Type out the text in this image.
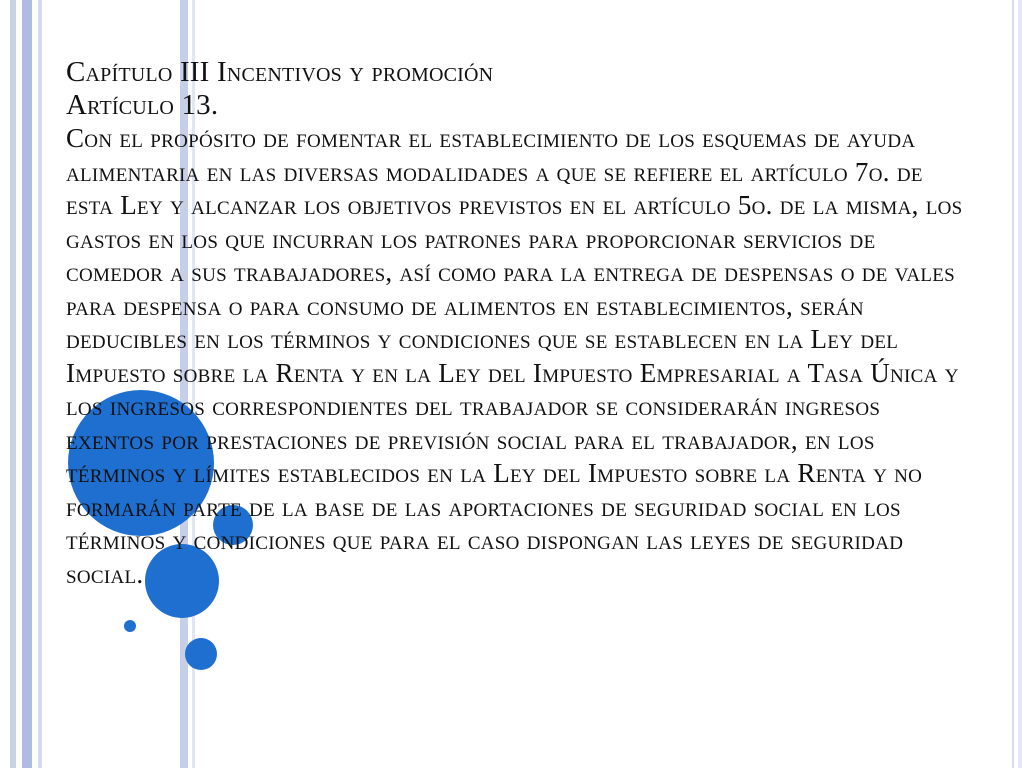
Capítulo III Incentivos y promoción
Artículo 13.
Con el propósito de fomentar el establecimiento de los esquemas de ayuda alimentaria en las diversas modalidades a que se refiere el artículo 7o. de esta Ley y alcanzar los objetivos previstos en el artículo 5o. de la misma, los gastos en los que incurran los patrones para proporcionar servicios de comedor a sus trabajadores, así como para la entrega de despensas o de vales para despensa o para consumo de alimentos en establecimientos, serán deducibles en los términos y condiciones que se establecen en la Ley del Impuesto sobre la Renta y en la Ley del Impuesto Empresarial a Tasa Única y los ingresos correspondientes del trabajador se considerarán ingresos exentos por prestaciones de previsión social para el trabajador, en los términos y límites establecidos en la Ley del Impuesto sobre la Renta y no formarán parte de la base de las aportaciones de seguridad social en los términos y condiciones que para el caso dispongan las leyes de seguridad social.
